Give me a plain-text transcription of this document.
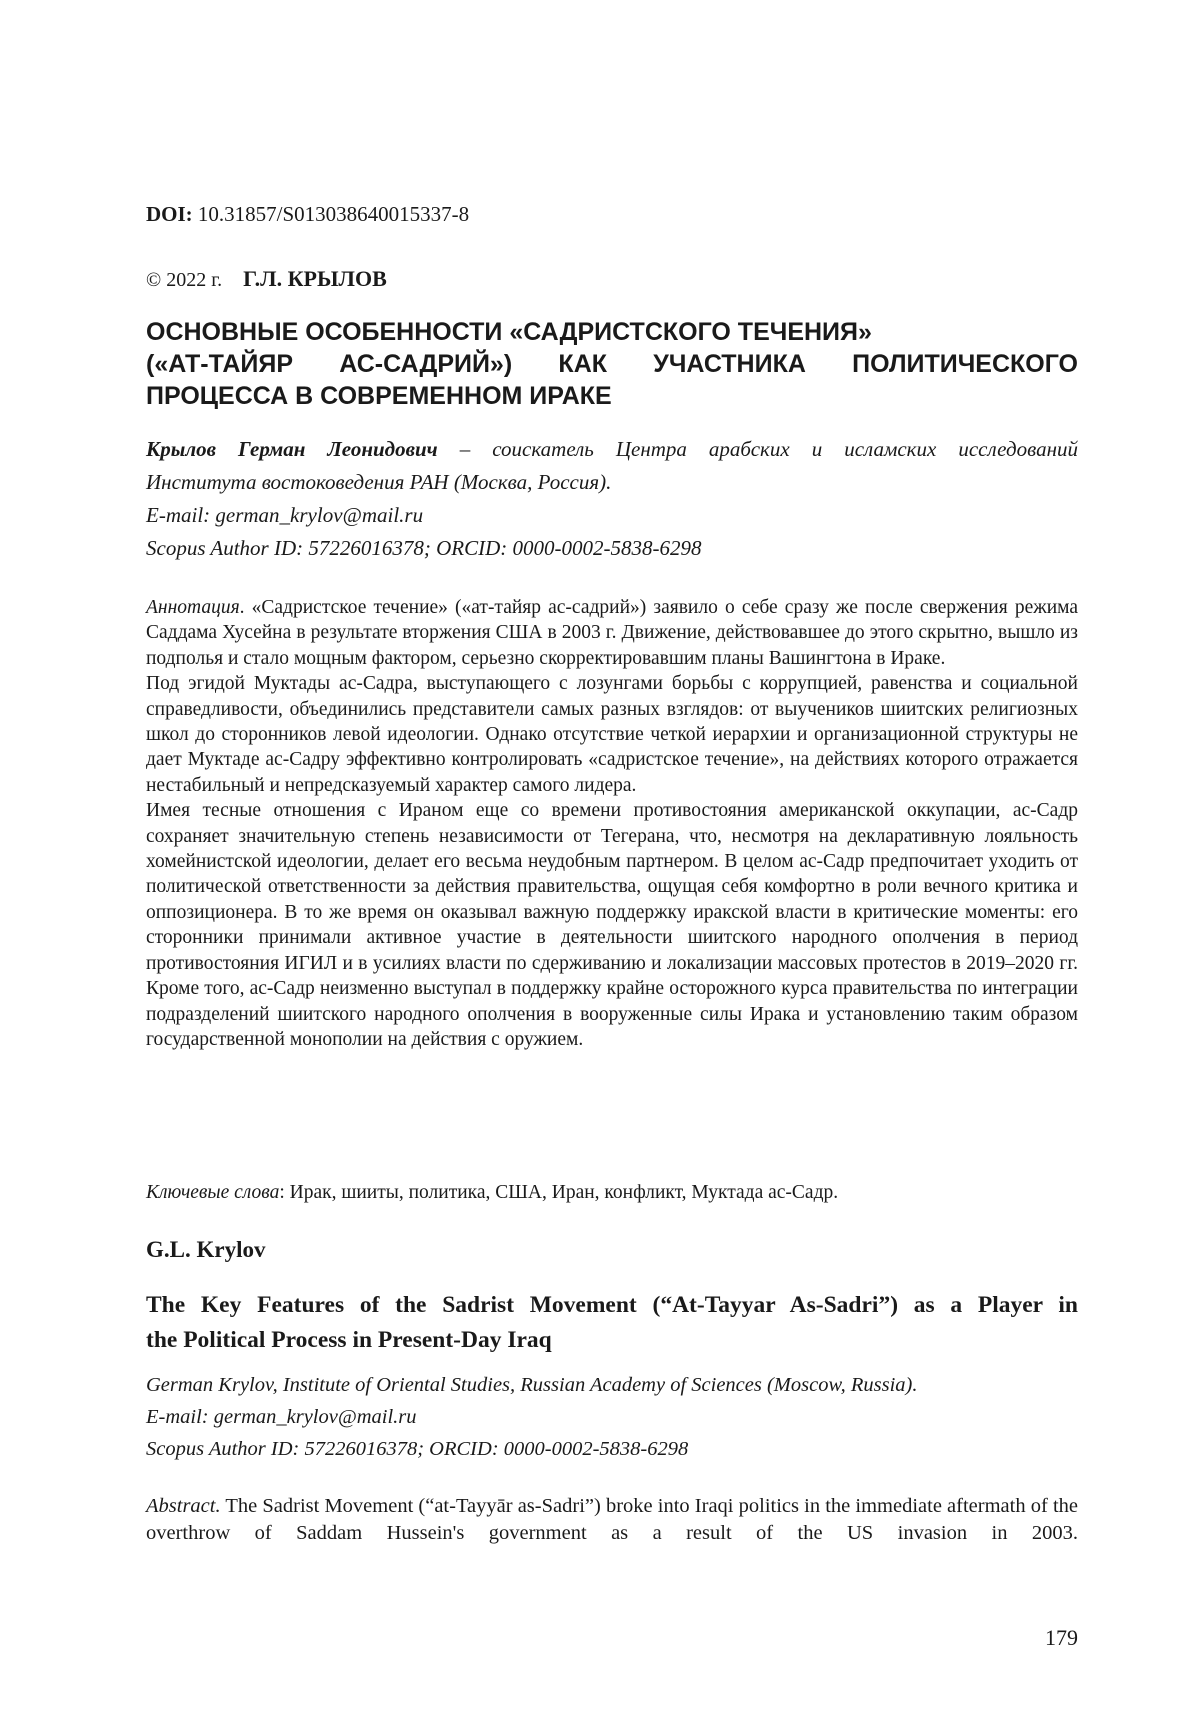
DOI: 10.31857/S013038640015337-8
© 2022 г. Г.Л. КРЫЛОВ
ОСНОВНЫЕ ОСОБЕННОСТИ «САДРИСТСКОГО ТЕЧЕНИЯ»
(«АТ-ТАЙЯР АС-САДРИЙ») КАК УЧАСТНИКА ПОЛИТИЧЕСКОГО
ПРОЦЕССА В СОВРЕМЕННОМ ИРАКЕ
Крылов Герман Леонидович – соискатель Центра арабских и исламских исследований
Института востоковедения РАН (Москва, Россия).
E-mail: german_krylov@mail.ru
Scopus Author ID: 57226016378; ORCID: 0000-0002-5838-6298

Аннотация. «Садристское течение» («ат-тайяр ас-садрий») заявило о себе сразу же после свержения режима Саддама Хусейна в результате вторжения США в 2003 г. Движение, действовавшее до этого скрытно, вышло из подполья и стало мощным фактором, серьезно скорректировавшим планы Вашингтона в Ираке.

Под эгидой Муктады ас-Садра, выступающего с лозунгами борьбы с коррупцией, равенства и социальной справедливости, объединились представители самых разных взглядов: от выучеников шиитских религиозных школ до сторонников левой идеологии. Однако отсутствие четкой иерархии и организационной структуры не дает Муктаде ас-Садру эффективно контролировать «садристское течение», на действиях которого отражается нестабильный и непредсказуемый характер самого лидера.

Имея тесные отношения с Ираном еще со времени противостояния американской оккупации, ас-Садр сохраняет значительную степень независимости от Тегерана, что, несмотря на декларативную лояльность хомейнистской идеологии, делает его весьма неудобным партнером. В целом ас-Садр предпочитает уходить от политической ответственности за действия правительства, ощущая себя комфортно в роли вечного критика и оппозиционера. В то же время он оказывал важную поддержку иракской власти в критические моменты: его сторонники принимали активное участие в деятельности шиитского народного ополчения в период противостояния ИГИЛ и в усилиях власти по сдерживанию и локализации массовых протестов в 2019–2020 гг. Кроме того, ас-Садр неизменно выступал в поддержку крайне осторожного курса правительства по интеграции подразделений шиитского народного ополчения в вооруженные силы Ирака и установлению таким образом государственной монополии на действия с оружием.

Ключевые слова: Ирак, шииты, политика, США, Иран, конфликт, Муктада ас-Садр.
G.L. Krylov
The Key Features of the Sadrist Movement (“At-Tayyar As-Sadri”) as a Player in
the Political Process in Present-Day Iraq
German Krylov, Institute of Oriental Studies, Russian Academy of Sciences (Moscow, Russia).
E-mail: german_krylov@mail.ru
Scopus Author ID: 57226016378; ORCID: 0000-0002-5838-6298

Abstract. The Sadrist Movement (“at-Tayyār as-Sadri”) broke into Iraqi politics in the immediate aftermath of the overthrow of Saddam Hussein's government as a result of the US invasion in 2003.

179
